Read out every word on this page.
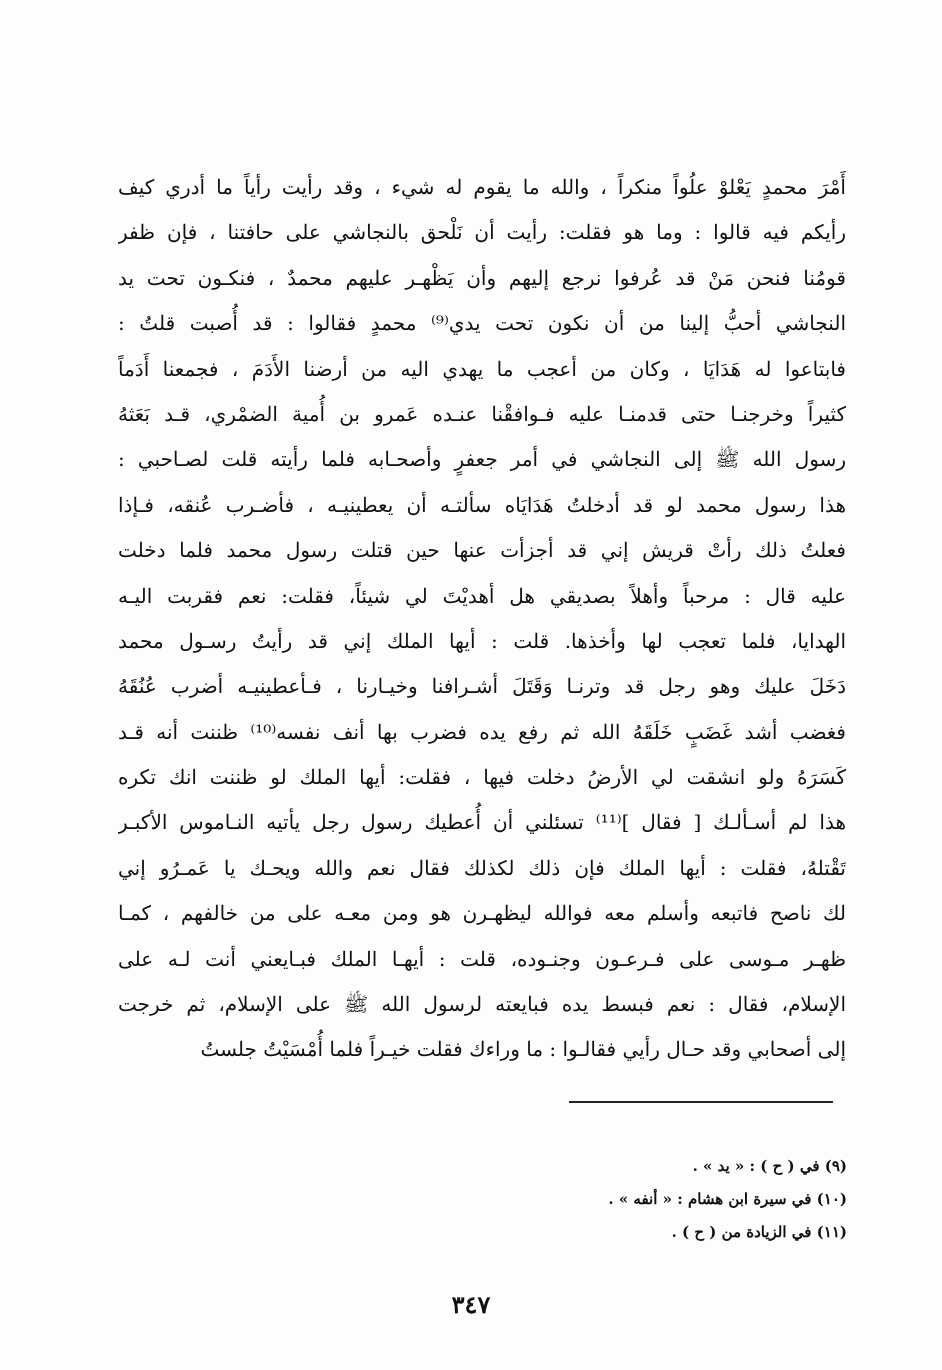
أَمْرَ محمدٍ يَعْلوْ علُواً منكراً ، والله ما يقوم له شيء ، وقد رأيت رأياً ما أدري كيف
رأيكم فيه قالوا : وما هو فقلت: رأيت أن نَلْحق بالنجاشي على حافتنا ، فإن ظفر
قومُنا فنحن مَنْ قد عُرفوا نرجع إليهم وأن يَظْهـر عليهم محمدٌ ، فنكـون تحت يد
النجاشي أحبُّ إلينا من أن نكون تحت يدي⁽⁹⁾ محمدٍ فقالوا : قد أُصبت قلتُ :
فابتاعوا له هَدَايَا ، وكان من أعجب ما يهدي اليه من أرضنا الأَدَمَ ، فجمعنا أَدَماً
كثيراً وخرجنـا حتى قدمنـا عليه فـوافقْنا عنـده عَمرو بن أُمية الضمْري، قـد بَعَثهُ
رسول الله ﷺ إلى النجاشي في أمر جعفرٍ وأصحـابه فلما رأيته قلت لصـاحبي :
هذا رسول محمد لو قد أدخلتُ هَدَايَاه سألتـه أن يعطينيـه ، فأضـرب عُنقه، فـإذا
فعلتُ ذلك رأتْ قريش إني قد أجزأت عنها حين قتلت رسول محمد فلما دخلت
عليه قال : مرحباً وأهلاً بصديقي هل أهديْتَ لي شيئاً، فقلت: نعم فقربت اليـه
الهدايا، فلما تعجب لها وأخذها. قلت : أيها الملك إني قد رأيتُ رسـول محمد
دَخَلَ عليك وهو رجل قد وترنـا وَقَتَلَ أشـرافنا وخيـارنا ، فـأعطينيـه أضرب عُنُقَهُ
فغضب أشد غَضَبٍ خَلَقَهُ الله ثم رفع يده فضرب بها أنف نفسه⁽¹⁰⁾ ظننت أنه قـد
كَسَرَهُ ولو انشقت لي الأرضُ دخلت فيها ، فقلت: أيها الملك لو ظننت انك تكره
هذا لم أسـألـك [ فقال ]⁽¹¹⁾ تسئلني أن أُعطيك رسول رجل يأتيه النـاموس الأكبـر
تَقْتلهُ، فقلت : أيها الملك فإن ذلك لكذلك فقال نعم والله ويحـك يا عَمـرُو إني
لك ناصح فاتبعه وأسلم معه فوالله ليظهـرن هو ومن معـه على من خالفهم ، كمـا
ظهـر مـوسى على فـرعـون وجنـوده، قلت : أيهـا الملك فبـايعني أنت لـه على
الإسلام، فقال : نعم فبسط يده فبايعته لرسول الله ﷺ على الإسلام، ثم خرجت
إلى أصحابي وقد حـال رأيي فقالـوا : ما وراءك فقلت خيـراً فلما أُمْسَيْتُ جلستُ
(٩) في ( ح ) : « يد » .
(١٠) في سيرة ابن هشام : « أنفه » .
(١١) في الزيادة من ( ح ) .
٣٤٧
